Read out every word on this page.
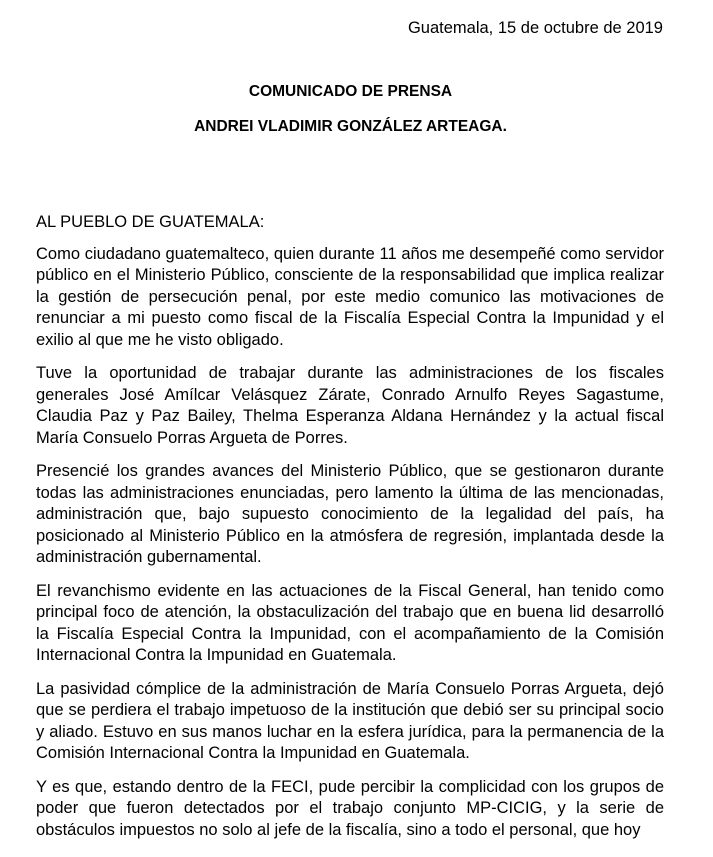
Guatemala, 15 de octubre de 2019
COMUNICADO DE PRENSA
ANDREI VLADIMIR GONZÁLEZ ARTEAGA.

AL PUEBLO DE GUATEMALA:

Como ciudadano guatemalteco, quien durante 11 años me desempeñé como servidor público en el Ministerio Público, consciente de la responsabilidad que implica realizar la gestión de persecución penal, por este medio comunico las motivaciones de renunciar a mi puesto como fiscal de la Fiscalía Especial Contra la Impunidad y el exilio al que me he visto obligado.

Tuve la oportunidad de trabajar durante las administraciones de los fiscales generales José Amílcar Velásquez Zárate, Conrado Arnulfo Reyes Sagastume, Claudia Paz y Paz Bailey, Thelma Esperanza Aldana Hernández y la actual fiscal María Consuelo Porras Argueta de Porres.

Presencié los grandes avances del Ministerio Público, que se gestionaron durante todas las administraciones enunciadas, pero lamento la última de las mencionadas, administración que, bajo supuesto conocimiento de la legalidad del país, ha posicionado al Ministerio Público en la atmósfera de regresión, implantada desde la administración gubernamental.

El revanchismo evidente en las actuaciones de la Fiscal General, han tenido como principal foco de atención, la obstaculización del trabajo que en buena lid desarrolló la Fiscalía Especial Contra la Impunidad, con el acompañamiento de la Comisión Internacional Contra la Impunidad en Guatemala.

La pasividad cómplice de la administración de María Consuelo Porras Argueta, dejó que se perdiera el trabajo impetuoso de la institución que debió ser su principal socio y aliado. Estuvo en sus manos luchar en la esfera jurídica, para la permanencia de la Comisión Internacional Contra la Impunidad en Guatemala.

Y es que, estando dentro de la FECI, pude percibir la complicidad con los grupos de poder que fueron detectados por el trabajo conjunto MP-CICIG, y la serie de obstáculos impuestos no solo al jefe de la fiscalía, sino a todo el personal, que hoy
